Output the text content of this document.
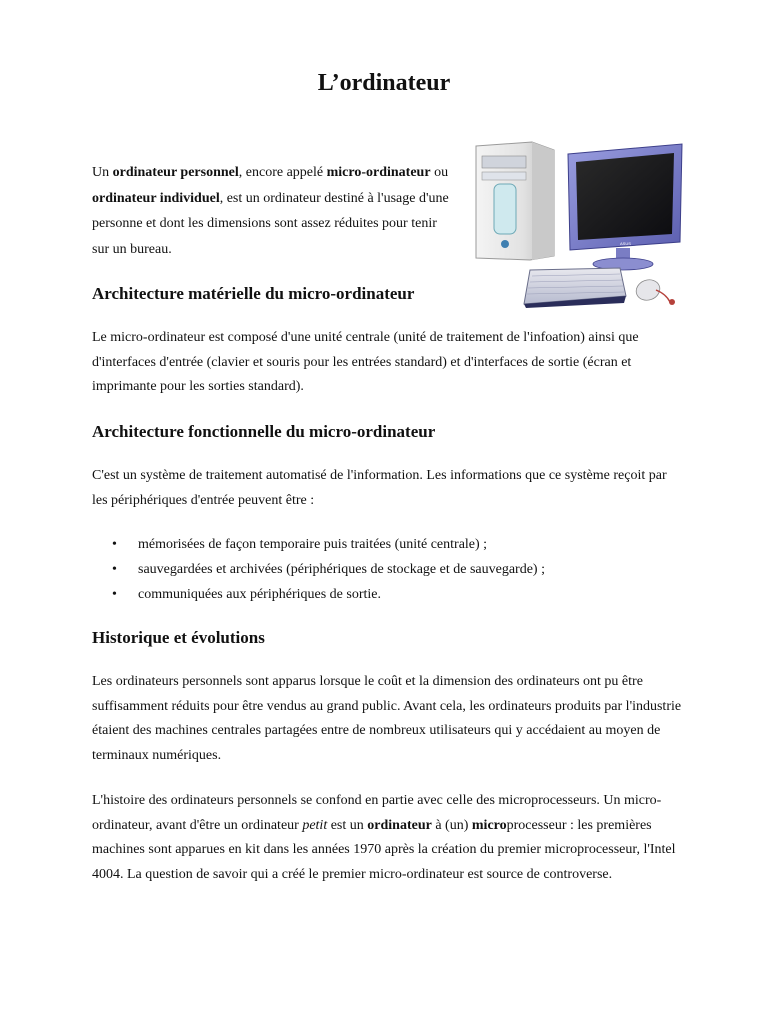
L’ordinateur

Un ordinateur personnel, encore appelé micro-ordinateur ou ordinateur individuel, est un ordinateur destiné à l'usage d'une personne et dont les dimensions sont assez réduites pour tenir sur un bureau.	ASUS
Architecture matérielle du micro-ordinateur

Le micro-ordinateur est composé d'une unité centrale (unité de traitement de l'infoation) ainsi que d'interfaces d'entrée (clavier et souris pour les entrées standard) et d'interfaces de sortie (écran et imprimante pour les sorties standard).

Architecture fonctionnelle du micro-ordinateur

C'est un système de traitement automatisé de l'information. Les informations que ce système reçoit par les périphériques d'entrée peuvent être :

• mémorisées de façon temporaire puis traitées (unité centrale) ;
• sauvegardées et archivées (périphériques de stockage et de sauvegarde) ;
• communiquées aux périphériques de sortie.
Historique et évolutions

Les ordinateurs personnels sont apparus lorsque le coût et la dimension des ordinateurs ont pu être suffisamment réduits pour être vendus au grand public. Avant cela, les ordinateurs produits par l'industrie étaient des machines centrales partagées entre de nombreux utilisateurs qui y accédaient au moyen de terminaux numériques.

L'histoire des ordinateurs personnels se confond en partie avec celle des microprocesseurs. Un micro-ordinateur, avant d'être un ordinateur petit est un ordinateur à (un) microprocesseur : les premières machines sont apparues en kit dans les années 1970 après la création du premier microprocesseur, l'Intel 4004. La question de savoir qui a créé le premier micro-ordinateur est source de controverse.
